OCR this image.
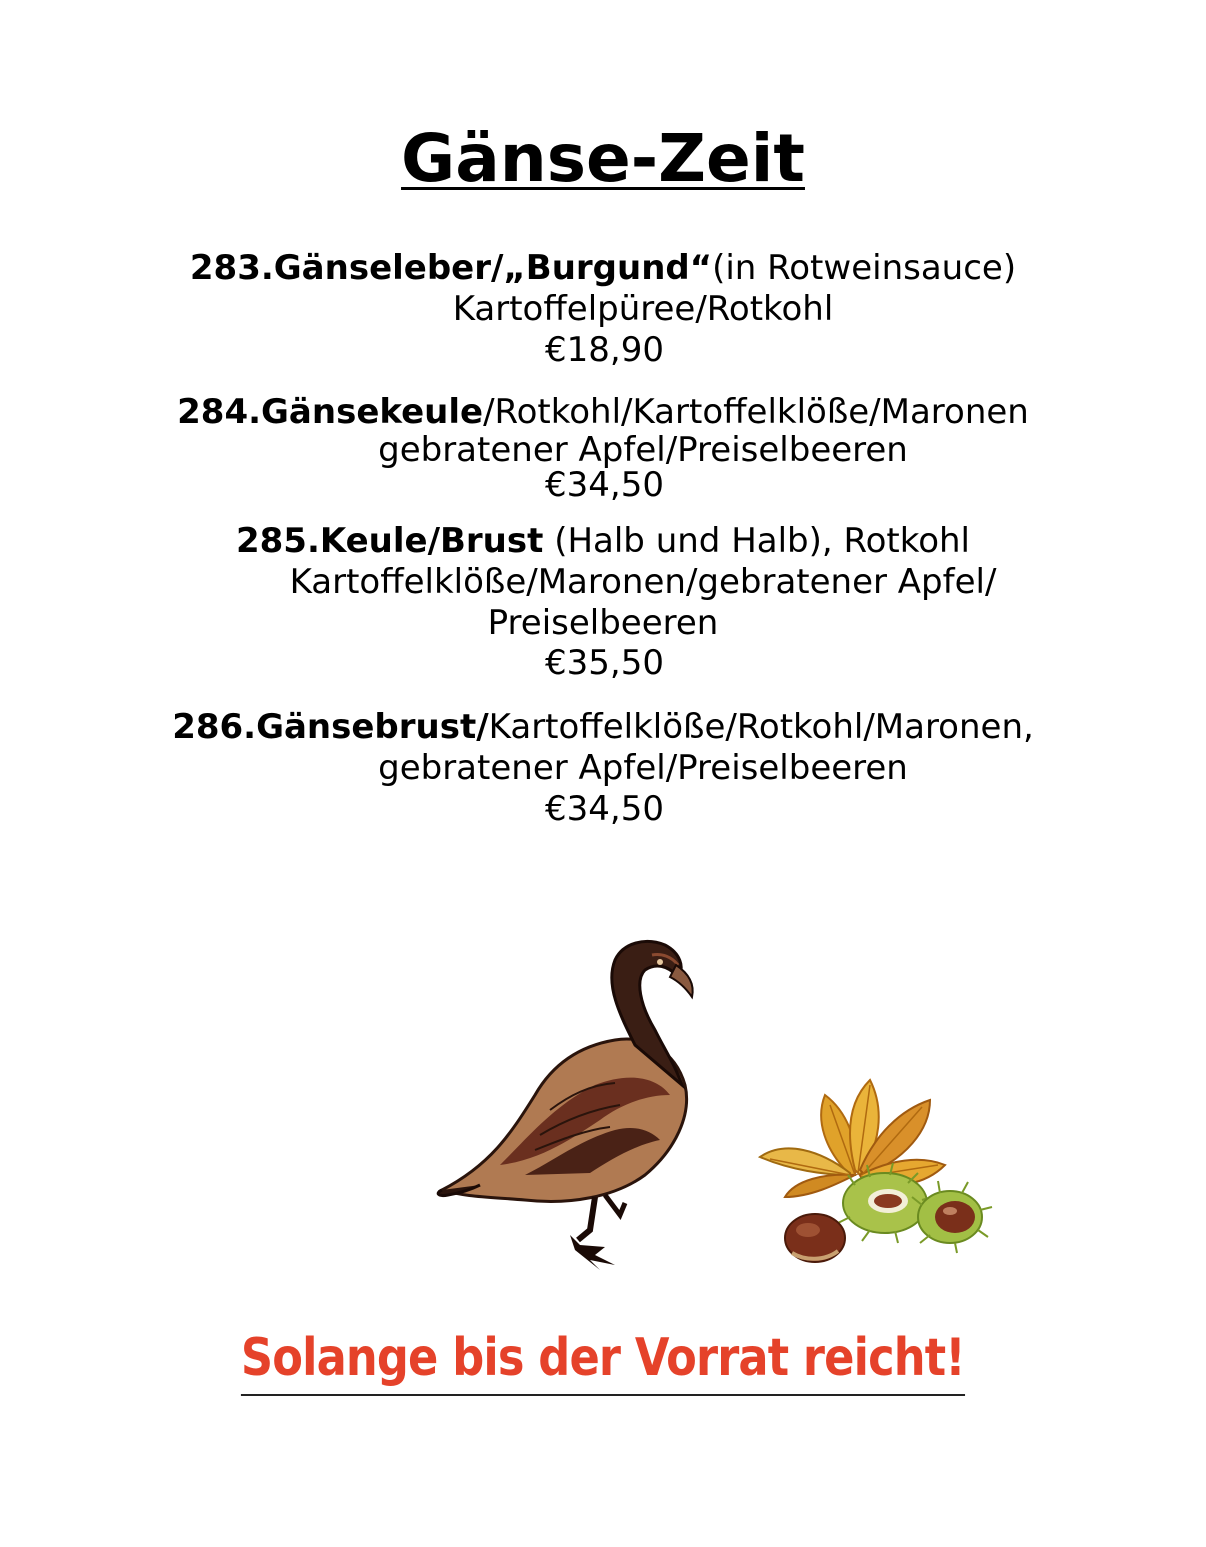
Gänse-Zeit
283.Gänseleber/„Burgund“(in Rotweinsauce)
Kartoffelpüree/Rotkohl
€18,90
284.Gänsekeule/Rotkohl/Kartoffelklöße/Maronen
gebratener Apfel/Preiselbeeren
€34,50
285.Keule/Brust (Halb und Halb), Rotkohl
Kartoffelklöße/Maronen/gebratener Apfel/
Preiselbeeren
€35,50
286.Gänsebrust/Kartoffelklöße/Rotkohl/Maronen,
gebratener Apfel/Preiselbeeren
€34,50

Solange bis der Vorrat reicht!
